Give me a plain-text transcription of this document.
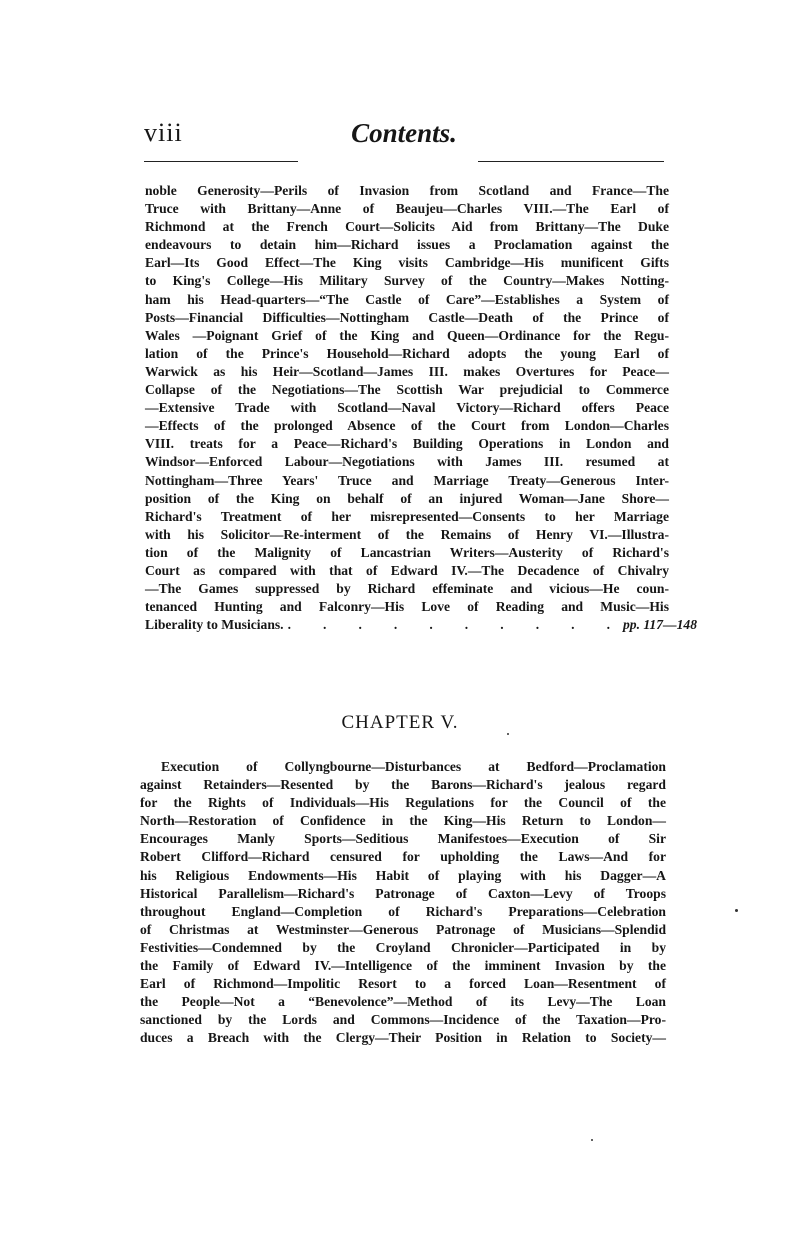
viii	Contents.
noble Generosity—Perils of Invasion from Scotland and France—The
Truce with Brittany—Anne of Beaujeu—Charles VIII.—The Earl of
Richmond at the French Court—Solicits Aid from Brittany—The Duke
endeavours to detain him—Richard issues a Proclamation against the
Earl—Its Good Effect—The King visits Cambridge—His munificent Gifts
to King's College—His Military Survey of the Country—Makes Notting-
ham his Head-quarters—“The Castle of Care”—Establishes a System of
Posts—Financial Difficulties—Nottingham Castle—Death of the Prince of
Wales —Poignant Grief of the King and Queen—Ordinance for the Regu-
lation of the Prince's Household—Richard adopts the young Earl of
Warwick as his Heir—Scotland—James III. makes Overtures for Peace—
Collapse of the Negotiations—The Scottish War prejudicial to Commerce
—Extensive Trade with Scotland—Naval Victory—Richard offers Peace
—Effects of the prolonged Absence of the Court from London—Charles
VIII. treats for a Peace—Richard's Building Operations in London and
Windsor—Enforced Labour—Negotiations with James III. resumed at
Nottingham—Three Years' Truce and Marriage Treaty—Generous Inter-
position of the King on behalf of an injured Woman—Jane Shore—
Richard's Treatment of her misrepresented—Consents to her Marriage
with his Solicitor—Re-interment of the Remains of Henry VI.—Illustra-
tion of the Malignity of Lancastrian Writers—Austerity of Richard's
Court as compared with that of Edward IV.—The Decadence of Chivalry
—The Games suppressed by Richard effeminate and vicious—He coun-
tenanced Hunting and Falconry—His Love of Reading and Music—His
Liberality to Musicians. . . . . . . . . . . pp. 117—148
CHAPTER V.
Execution of Collyngbourne—Disturbances at Bedford—Proclamation
against Retainders—Resented by the Barons—Richard's jealous regard
for the Rights of Individuals—His Regulations for the Council of the
North—Restoration of Confidence in the King—His Return to London—
Encourages Manly Sports—Seditious Manifestoes—Execution of Sir
Robert Clifford—Richard censured for upholding the Laws—And for
his Religious Endowments—His Habit of playing with his Dagger—A
Historical Parallelism—Richard's Patronage of Caxton—Levy of Troops
throughout England—Completion of Richard's Preparations—Celebration
of Christmas at Westminster—Generous Patronage of Musicians—Splendid
Festivities—Condemned by the Croyland Chronicler—Participated in by
the Family of Edward IV.—Intelligence of the imminent Invasion by the
Earl of Richmond—Impolitic Resort to a forced Loan—Resentment of
the People—Not a “Benevolence”—Method of its Levy—The Loan
sanctioned by the Lords and Commons—Incidence of the Taxation—Pro-
duces a Breach with the Clergy—Their Position in Relation to Society—
